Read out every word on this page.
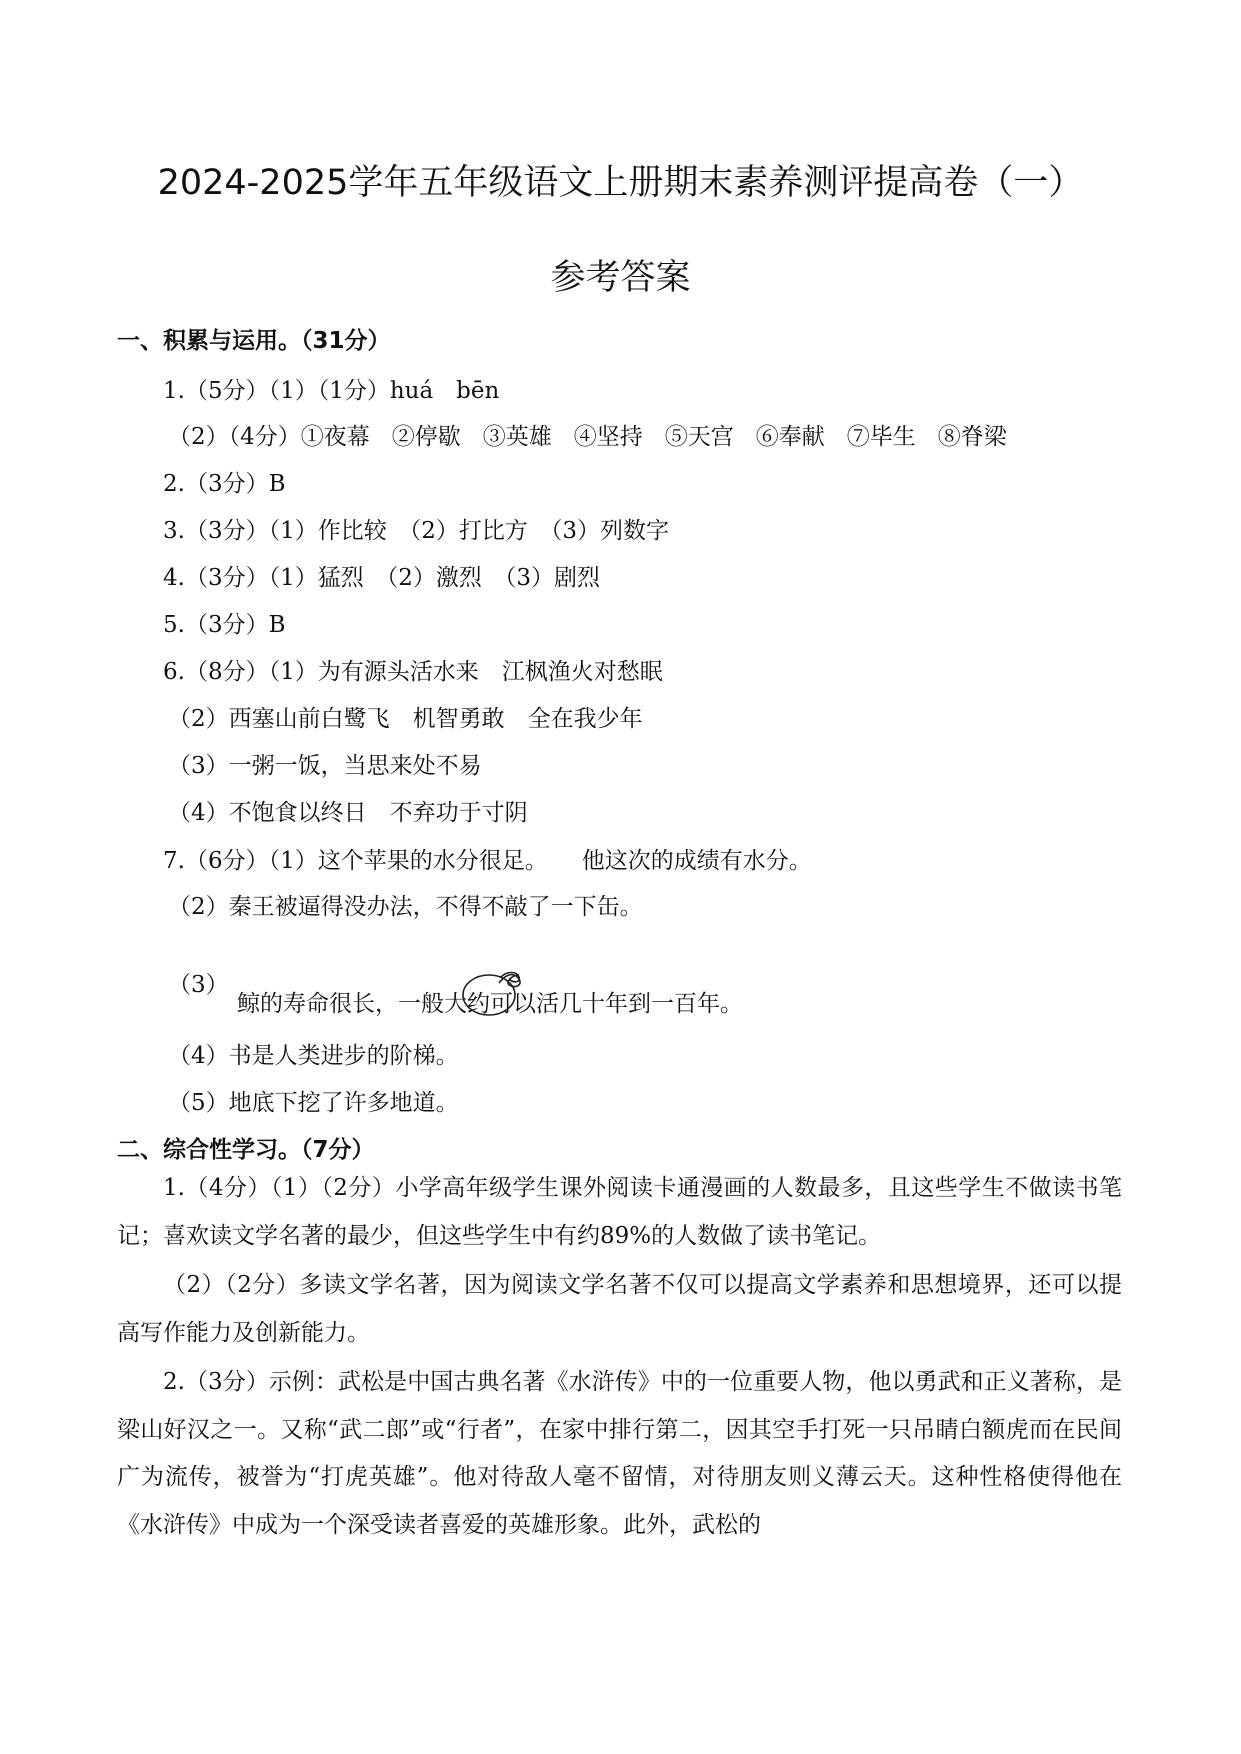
2024-2025学年五年级语文上册期末素养测评提高卷（一）
参考答案
一、积累与运用。（31分）
1.（5分）（1）（1分）huá　bēn
（2）（4分）①夜幕 ②停歇 ③英雄 ④坚持 ⑤天宫 ⑥奉献 ⑦毕生 ⑧脊梁
2.（3分）B
3.（3分）（1）作比较　（2）打比方　（3）列数字
4.（3分）（1）猛烈　（2）激烈　（3）剧烈
5.（3分）B
6.（8分）（1）为有源头活水来　江枫渔火对愁眠
（2）西塞山前白鹭飞　机智勇敢　全在我少年
（3）一粥一饭，当思来处不易
（4）不饱食以终日　不弃功于寸阴
7.（6分）（1）这个苹果的水分很足。 他这次的成绩有水分。
（2）秦王被逼得没办法，不得不敲了一下缶。
（3）
鲸的寿命很长，一般大约可以活几十年到一百年。
（4）书是人类进步的阶梯。
（5）地底下挖了许多地道。
二、综合性学习。（7分）
1.（4分）（1）（2分）小学高年级学生课外阅读卡通漫画的人数最多，且这些学生不做读书笔记；喜欢读文学名著的最少，但这些学生中有约89%的人数做了读书笔记。
（2）（2分）多读文学名著，因为阅读文学名著不仅可以提高文学素养和思想境界，还可以提高写作能力及创新能力。
2.（3分）示例：武松是中国古典名著《水浒传》中的一位重要人物，他以勇武和正义著称，是梁山好汉之一。又称“武二郎”或“行者”，在家中排行第二，因其空手打死一只吊睛白额虎而在民间广为流传，被誉为“打虎英雄”。他对待敌人毫不留情，对待朋友则义薄云天。这种性格使得他在《水浒传》中成为一个深受读者喜爱的英雄形象。此外，武松的
